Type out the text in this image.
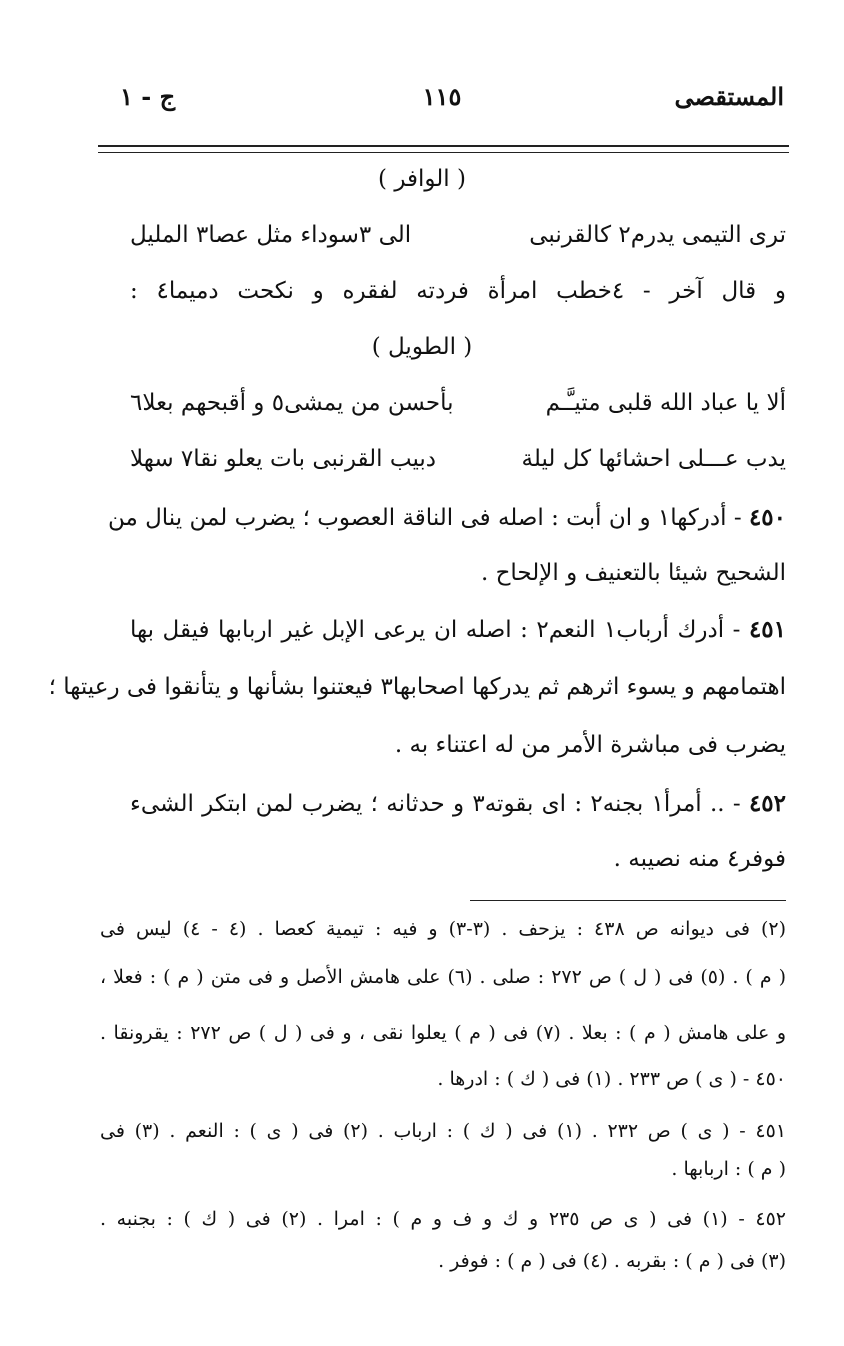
المستقصى
١١٥
ج - ١
( الوافر )
ترى التيمى يدرم٢ كالقرنبى
الى ٣سوداء مثل عصا٣ المليل
و قال آخر - ٤خطب امرأة فردته لفقره و نكحت دميما٤ :
( الطويل )
ألا يا عباد الله قلبى متيـَّـم
بأحسن من يمشى٥ و أقبحهم بعلا٦
يدب عـــلى احشائها كل ليلة
دبيب القرنبى بات يعلو نقا٧ سهلا
٤٥٠ - أدركها١ و ان أبت : اصله فى الناقة العصوب ؛ يضرب لمن ينال من
الشحيح شيئا بالتعنيف و الإلحاح .
٤٥١ - أدرك أرباب١ النعم٢ : اصله ان يرعى الإبل غير اربابها فيقل بها
اهتمامهم و يسوء اثرهم ثم يدركها اصحابها٣ فيعتنوا بشأنها و يتأنقوا فى رعيتها ؛
يضرب فى مباشرة الأمر من له اعتناء به .
٤٥٢ - .. أمرأ١ بجنه٢ : اى بقوته٣ و حدثانه ؛ يضرب لمن ابتكر الشىء
فوفر٤ منه نصيبه .
(٢) فى ديوانه ص ٤٣٨ : يزحف . (٣-٣) و فيه : تيمية كعصا . (٤ - ٤) ليس فى
( م ) . (٥) فى ( ل ) ص ٢٧٢ : صلى . (٦) على هامش الأصل و فى متن ( م ) : فعلا ،
و على هامش ( م ) : بعلا . (٧) فى ( م ) يعلوا نقى ، و فى ( ل ) ص ٢٧٢ : يقرونقا .
٤٥٠ - ( ى ) ص ٢٣٣ . (١) فى ( ك ) : ادرها .
٤٥١ - ( ى ) ص ٢٣٢ . (١) فى ( ك ) : ارباب . (٢) فى ( ى ) : النعم . (٣) فى
( م ) : اربابها .
٤٥٢ - (١) فى ( ى ص ٢٣٥ و ك و ف و م ) : امرا . (٢) فى ( ك ) : بجنبه .
(٣) فى ( م ) : بقربه . (٤) فى ( م ) : فوفر .
